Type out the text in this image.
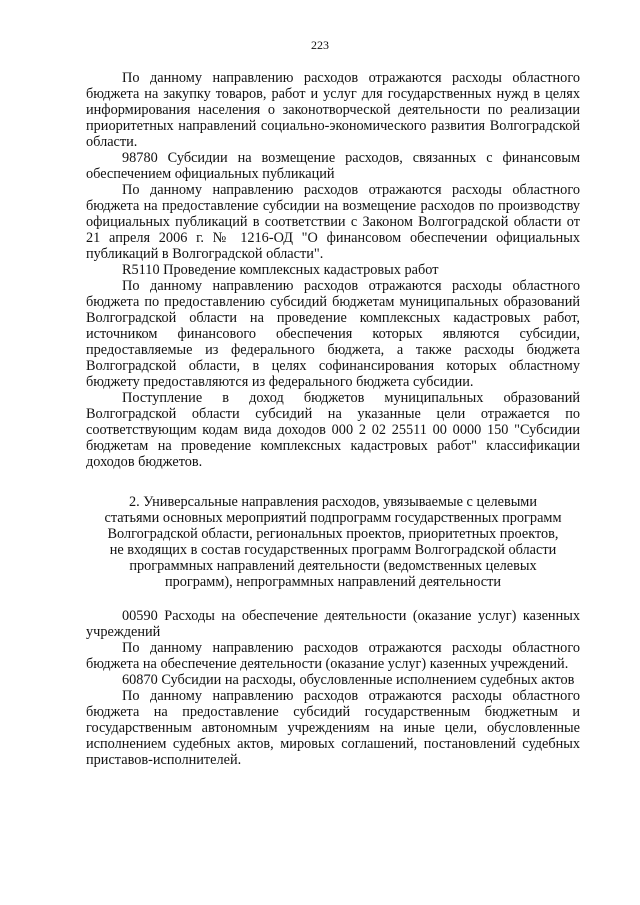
223

По данному направлению расходов отражаются расходы областного бюджета на закупку товаров, работ и услуг для государственных нужд в целях информирования населения о законотворческой деятельности по реализации приоритетных направлений социально-экономического развития Волгоградской области.

98780 Субсидии на возмещение расходов, связанных с финансовым обеспечением официальных публикаций

По данному направлению расходов отражаются расходы областного бюджета на предоставление субсидии на возмещение расходов по производству официальных публикаций в соответствии с Законом Волгоградской области от 21 апреля 2006 г. № 1216-ОД "О финансовом обеспечении официальных публикаций в Волгоградской области".

R5110 Проведение комплексных кадастровых работ

По данному направлению расходов отражаются расходы областного бюджета по предоставлению субсидий бюджетам муниципальных образований Волгоградской области на проведение комплексных кадастровых работ, источником финансового обеспечения которых являются субсидии, предоставляемые из федерального бюджета, а также расходы бюджета Волгоградской области, в целях софинансирования которых областному бюджету предоставляются из федерального бюджета субсидии.

Поступление в доход бюджетов муниципальных образований Волгоградской области субсидий на указанные цели отражается по соответствующим кодам вида доходов 000 2 02 25511 00 0000 150 "Субсидии бюджетам на проведение комплексных кадастровых работ" классификации доходов бюджетов.

2. Универсальные направления расходов, увязываемые с целевыми
статьями основных мероприятий подпрограмм государственных программ
Волгоградской области, региональных проектов, приоритетных проектов,
не входящих в состав государственных программ Волгоградской области
программных направлений деятельности (ведомственных целевых
программ), непрограммных направлений деятельности

00590 Расходы на обеспечение деятельности (оказание услуг) казенных учреждений

По данному направлению расходов отражаются расходы областного бюджета на обеспечение деятельности (оказание услуг) казенных учреждений.

60870 Субсидии на расходы, обусловленные исполнением судебных актов

По данному направлению расходов отражаются расходы областного бюджета на предоставление субсидий государственным бюджетным и государственным автономным учреждениям на иные цели, обусловленные исполнением судебных актов, мировых соглашений, постановлений судебных приставов-исполнителей.
